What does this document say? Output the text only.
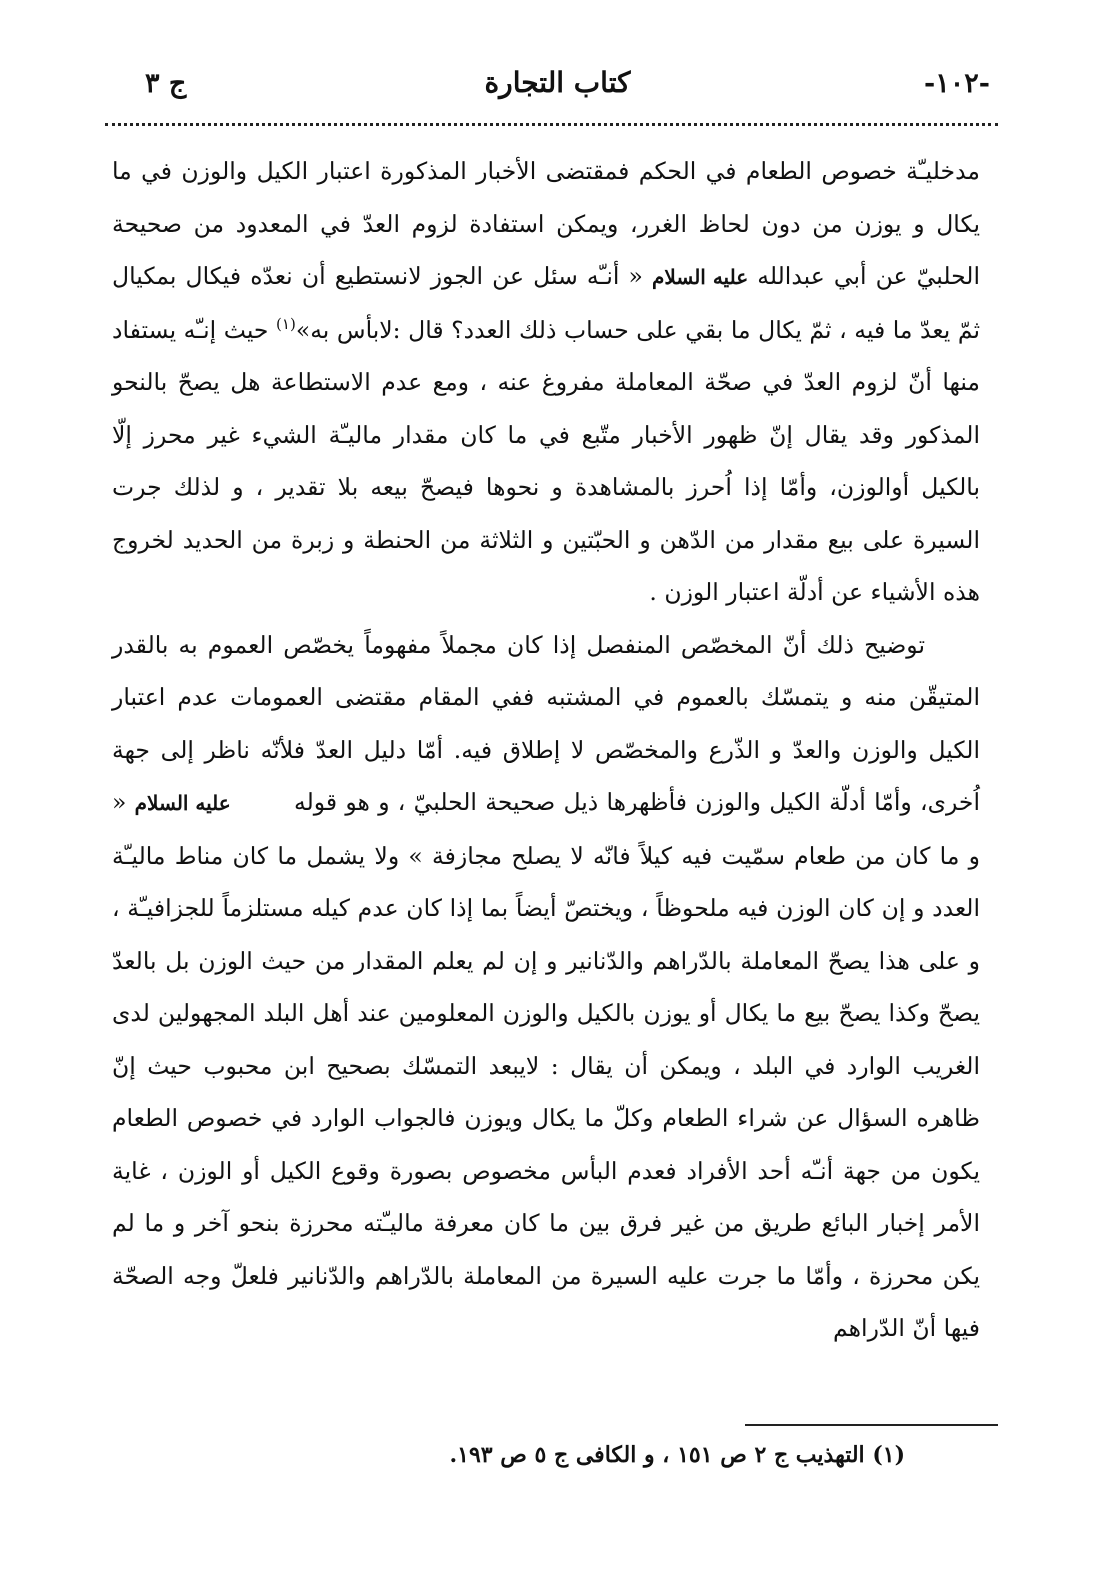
ج ٣	كتاب التجارة	-١٠٢-

مدخليـّة خصوص الطعام في الحكم فمقتضى الأخبار المذكورة اعتبار الكيل والوزن في ما يكال و يوزن من دون لحاظ الغرر، ويمكن استفادة لزوم العدّ في المعدود من صحيحة الحلبيّ عن أبي عبدالله عليه السلام « أنـّه سئل عن الجوز لانستطيع أن نعدّه فيكال بمكيال ثمّ يعدّ ما فيه ، ثمّ يكال ما بقي على حساب ذلك العدد؟ قال :لابأس به»$^{(١)}$ حيث إنـّه يستفاد منها أنّ لزوم العدّ في صحّة المعاملة مفروغ عنه ، ومع عدم الاستطاعة هل يصحّ بالنحو المذكور وقد يقال إنّ ظهور الأخبار متّبع في ما كان مقدار ماليـّة الشيء غير محرز إلّا بالكيل أوالوزن، وأمّا إذا اُحرز بالمشاهدة و نحوها فيصحّ بيعه بلا تقدير ، و لذلك جرت السيرة على بيع مقدار من الدّهن و الحبّتين و الثلاثة من الحنطة و زبرة من الحديد لخروج هذه الأشياء عن أدلّة اعتبار الوزن .

توضيح ذلك أنّ المخصّص المنفصل إذا كان مجملاً مفهوماً يخصّص العموم به بالقدر المتيقّن منه و يتمسّك بالعموم في المشتبه ففي المقام مقتضى العمومات عدم اعتبار الكيل والوزن والعدّ و الذّرع والمخصّص لا إطلاق فيه. أمّا دليل العدّ فلأنّه ناظر إلى جهة اُخرى، وأمّا أدلّة الكيل والوزن فأظهرها ذيل صحيحة الحلبيّ ، و هو قوله عليه السلام « و ما كان من طعام سمّيت فيه كيلاً فانّه لا يصلح مجازفة » ولا يشمل ما كان مناط ماليـّة العدد و إن كان الوزن فيه ملحوظاً ، ويختصّ أيضاً بما إذا كان عدم كيله مستلزماً للجزافيـّة ، و على هذا يصحّ المعاملة بالدّراهم والدّنانير و إن لم يعلم المقدار من حيث الوزن بل بالعدّ يصحّ وكذا يصحّ بيع ما يكال أو يوزن بالكيل والوزن المعلومين عند أهل البلد المجهولين لدى الغريب الوارد في البلد ، ويمكن أن يقال : لايبعد التمسّك بصحيح ابن محبوب حيث إنّ ظاهره السؤال عن شراء الطعام وكلّ ما يكال ويوزن فالجواب الوارد في خصوص الطعام يكون من جهة أنـّه أحد الأفراد فعدم البأس مخصوص بصورة وقوع الكيل أو الوزن ، غاية الأمر إخبار البائع طريق من غير فرق بين ما كان معرفة ماليـّته محرزة بنحو آخر و ما لم يكن محرزة ، وأمّا ما جرت عليه السيرة من المعاملة بالدّراهم والدّنانير فلعلّ وجه الصحّة فيها أنّ الدّراهم

(١) التهذيب ج ٢ ص ١٥١ ، و الكافى ج ٥ ص ١٩٣.
